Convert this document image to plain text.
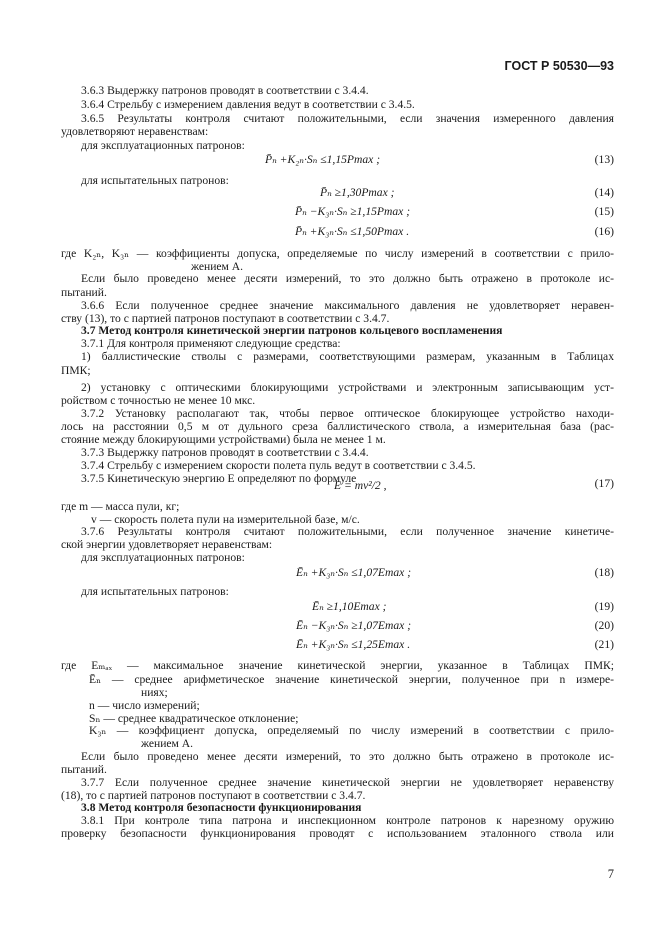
ГОСТ Р 50530—93
3.6.3 Выдержку патронов проводят в соответствии с 3.4.4.
3.6.4 Стрельбу с измерением давления ведут в соответствии с 3.4.5.
3.6.5 Результаты контроля считают положительными, если значения измеренного давления
удовлетворяют неравенствам:
для эксплуатационных патронов:
P̄ₙ +K₂ₙ·Sₙ ≤1,15Pmax ;	(13)
для испытательных патронов:
P̄ₙ ≥1,30Pmax ;	(14)
P̄ₙ −K₃ₙ·Sₙ ≥1,15Pmax ;	(15)
P̄ₙ +K₃ₙ·Sₙ ≤1,50Pmax .	(16)
где K₂ₙ, K₃ₙ — коэффициенты допуска, определяемые по числу измерений в соответствии с прило-
жением А.
Если было проведено менее десяти измерений, то это должно быть отражено в протоколе ис-
пытаний.
3.6.6 Если полученное среднее значение максимального давления не удовлетворяет неравен-
ству (13), то с партией патронов поступают в соответствии с 3.4.7.
3.7 Метод контроля кинетической энергии патронов кольцевого воспламенения
3.7.1 Для контроля применяют следующие средства:
1) баллистические стволы с размерами, соответствующими размерам, указанным в Таблицах
ПМК;
2) установку с оптическими блокирующими устройствами и электронным записывающим уст-
ройством с точностью не менее 10 мкс.
3.7.2 Установку располагают так, чтобы первое оптическое блокирующее устройство находи-
лось на расстоянии 0,5 м от дульного среза баллистического ствола, а измерительная база (рас-
стояние между блокирующими устройствами) была не менее 1 м.
3.7.3 Выдержку патронов проводят в соответствии с 3.4.4.
3.7.4 Стрельбу с измерением скорости полета пуль ведут в соответствии с 3.4.5.
3.7.5 Кинетическую энергию E определяют по формуле
E = mv²/2 ,	(17)
где m — масса пули, кг;
v — скорость полета пули на измерительной базе, м/с.
3.7.6 Результаты контроля считают положительными, если полученное значение кинетиче-
ской энергии удовлетворяет неравенствам:
для эксплуатационных патронов:
Ēₙ +K₃ₙ·Sₙ ≤1,07Emax ;	(18)
для испытательных патронов:
Ēₙ ≥1,10Emax ;	(19)
Ēₙ −K₃ₙ·Sₙ ≥1,07Emax ;	(20)
Ēₙ +K₃ₙ·Sₙ ≤1,25Emax .	(21)
где Eₘₐₓ — максимальное значение кинетической энергии, указанное в Таблицах ПМК;
Ēₙ — среднее арифметическое значение кинетической энергии, полученное при n измере-
ниях;
n — число измерений;
Sₙ — среднее квадратическое отклонение;
K₃ₙ — коэффициент допуска, определяемый по числу измерений в соответствии с прило-
жением А.
Если было проведено менее десяти измерений, то это должно быть отражено в протоколе ис-
пытаний.
3.7.7 Если полученное среднее значение кинетической энергии не удовлетворяет неравенству
(18), то с партией патронов поступают в соответствии с 3.4.7.
3.8 Метод контроля безопасности функционирования
3.8.1 При контроле типа патрона и инспекционном контроле патронов к нарезному оружию
проверку безопасности функционирования проводят с использованием эталонного ствола или
7
